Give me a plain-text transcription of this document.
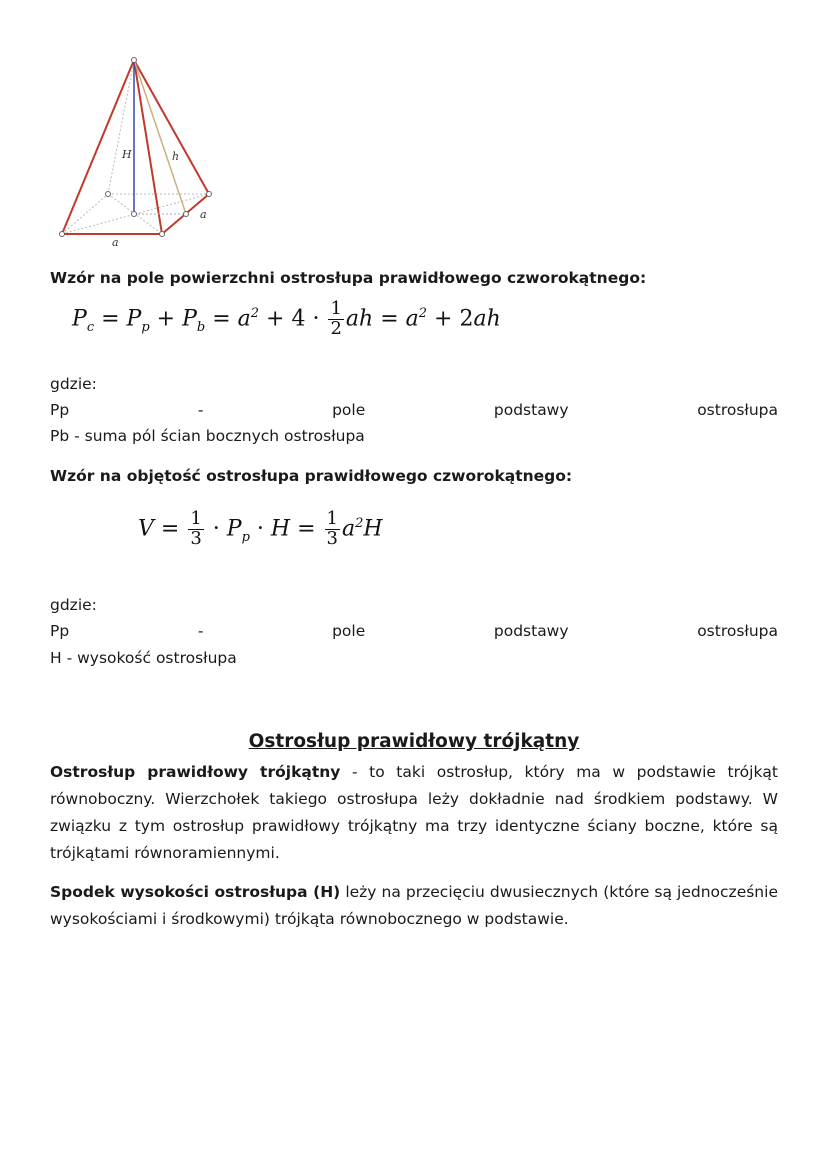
H	h
a
a
Wzór na pole powierzchni ostrosłupa prawidłowego czworokątnego:
$P_c = P_p + P_b = a^2 + 4 \cdot \frac{1}{2}$ ah = $a^2 + 2ah$
gdzie:
Pp	-	pole	podstawy	ostrosłupa
Pb - suma pól ścian bocznych ostrosłupa
Wzór na objętość ostrosłupa prawidłowego czworokątnego:
$V = \frac{1}{3} \cdot P_p \cdot H = \frac{1}{3} a^2H$
gdzie:
Pp	-	pole	podstawy	ostrosłupa
H - wysokość ostrosłupa
Ostrosłup prawidłowy trójkątny
Ostrosłup prawidłowy trójkątny - to taki ostrosłup, który ma w podstawie trójkąt równoboczny. Wierzchołek takiego ostrosłupa leży dokładnie nad środkiem podstawy. W związku z tym ostrosłup prawidłowy trójkątny ma trzy identyczne ściany boczne, które są trójkątami równoramiennymi.
Spodek wysokości ostrosłupa (H) leży na przecięciu dwusiecznych (które są jednocześnie wysokościami i środkowymi) trójkąta równobocznego w podstawie.
